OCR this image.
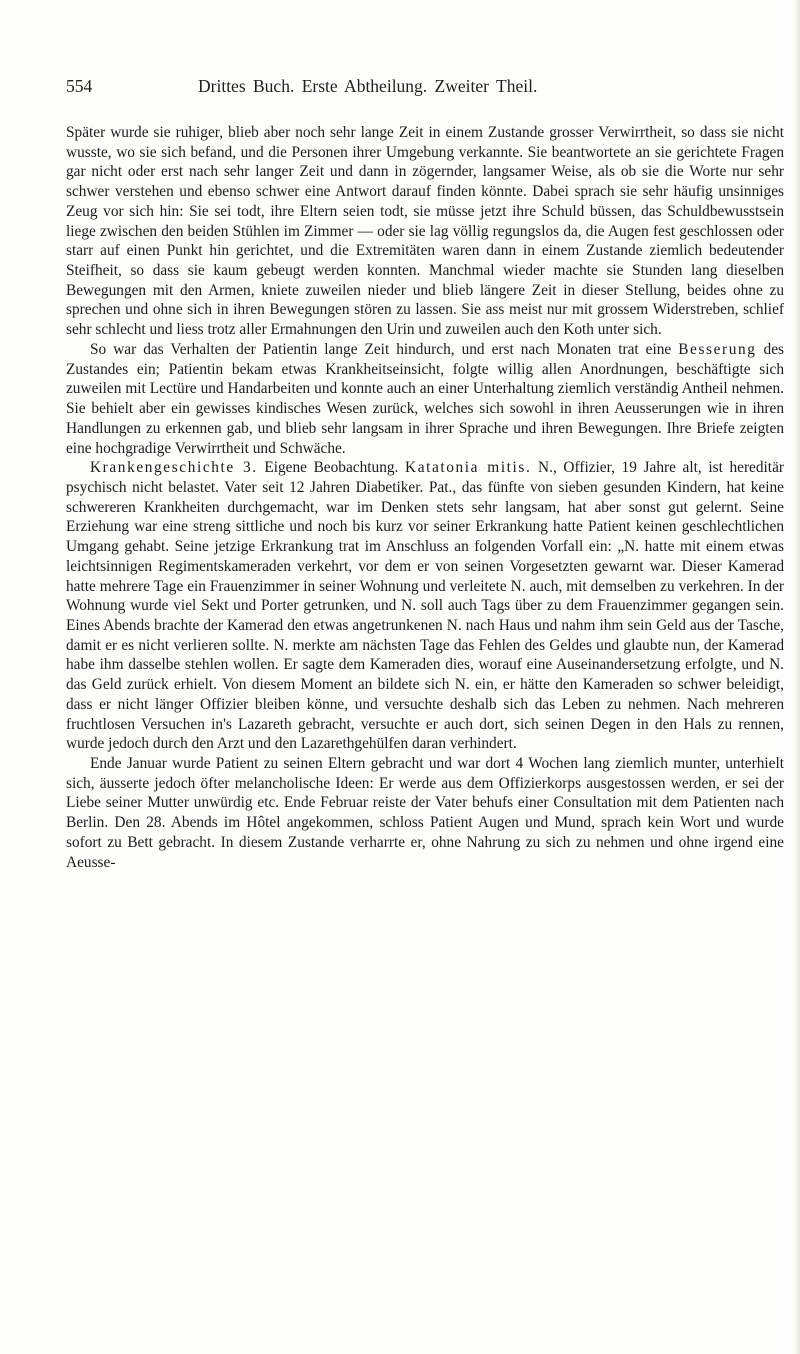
554	Drittes Buch. Erste Abtheilung. Zweiter Theil.

Später wurde sie ruhiger, blieb aber noch sehr lange Zeit in einem Zustande grosser Verwirrtheit, so dass sie nicht wusste, wo sie sich befand, und die Personen ihrer Umgebung verkannte. Sie beantwortete an sie gerichtete Fragen gar nicht oder erst nach sehr langer Zeit und dann in zögernder, langsamer Weise, als ob sie die Worte nur sehr schwer verstehen und ebenso schwer eine Antwort darauf finden könnte. Dabei sprach sie sehr häufig unsinniges Zeug vor sich hin: Sie sei todt, ihre Eltern seien todt, sie müsse jetzt ihre Schuld büssen, das Schuldbewusstsein liege zwischen den beiden Stühlen im Zimmer — oder sie lag völlig regungslos da, die Augen fest geschlossen oder starr auf einen Punkt hin gerichtet, und die Extremitäten waren dann in einem Zustande ziemlich bedeutender Steifheit, so dass sie kaum gebeugt werden konnten. Manchmal wieder machte sie Stunden lang dieselben Bewegungen mit den Armen, kniete zuweilen nieder und blieb längere Zeit in dieser Stellung, beides ohne zu sprechen und ohne sich in ihren Bewegungen stören zu lassen. Sie ass meist nur mit grossem Widerstreben, schlief sehr schlecht und liess trotz aller Ermahnungen den Urin und zuweilen auch den Koth unter sich.

So war das Verhalten der Patientin lange Zeit hindurch, und erst nach Monaten trat eine Besserung des Zustandes ein; Patientin bekam etwas Krankheitseinsicht, folgte willig allen Anordnungen, beschäftigte sich zuweilen mit Lectüre und Handarbeiten und konnte auch an einer Unterhaltung ziemlich verständig Antheil nehmen. Sie behielt aber ein gewisses kindisches Wesen zurück, welches sich sowohl in ihren Aeusserungen wie in ihren Handlungen zu erkennen gab, und blieb sehr langsam in ihrer Sprache und ihren Bewegungen. Ihre Briefe zeigten eine hochgradige Verwirrtheit und Schwäche.

Krankengeschichte 3. Eigene Beobachtung. Katatonia mitis. N., Offizier, 19 Jahre alt, ist hereditär psychisch nicht belastet. Vater seit 12 Jahren Diabetiker. Pat., das fünfte von sieben gesunden Kindern, hat keine schwereren Krankheiten durchgemacht, war im Denken stets sehr langsam, hat aber sonst gut gelernt. Seine Erziehung war eine streng sittliche und noch bis kurz vor seiner Erkrankung hatte Patient keinen geschlechtlichen Umgang gehabt. Seine jetzige Erkrankung trat im Anschluss an folgenden Vorfall ein: „N. hatte mit einem etwas leichtsinnigen Regimentskameraden verkehrt, vor dem er von seinen Vorgesetzten gewarnt war. Dieser Kamerad hatte mehrere Tage ein Frauenzimmer in seiner Wohnung und verleitete N. auch, mit demselben zu verkehren. In der Wohnung wurde viel Sekt und Porter getrunken, und N. soll auch Tags über zu dem Frauenzimmer gegangen sein. Eines Abends brachte der Kamerad den etwas angetrunkenen N. nach Haus und nahm ihm sein Geld aus der Tasche, damit er es nicht verlieren sollte. N. merkte am nächsten Tage das Fehlen des Geldes und glaubte nun, der Kamerad habe ihm dasselbe stehlen wollen. Er sagte dem Kameraden dies, worauf eine Auseinandersetzung erfolgte, und N. das Geld zurück erhielt. Von diesem Moment an bildete sich N. ein, er hätte den Kameraden so schwer beleidigt, dass er nicht länger Offizier bleiben könne, und versuchte deshalb sich das Leben zu nehmen. Nach mehreren fruchtlosen Versuchen in's Lazareth gebracht, versuchte er auch dort, sich seinen Degen in den Hals zu rennen, wurde jedoch durch den Arzt und den Lazarethgehülfen daran verhindert.

Ende Januar wurde Patient zu seinen Eltern gebracht und war dort 4 Wochen lang ziemlich munter, unterhielt sich, äusserte jedoch öfter melancholische Ideen: Er werde aus dem Offizierkorps ausgestossen werden, er sei der Liebe seiner Mutter unwürdig etc. Ende Februar reiste der Vater behufs einer Consultation mit dem Patienten nach Berlin. Den 28. Abends im Hôtel angekommen, schloss Patient Augen und Mund, sprach kein Wort und wurde sofort zu Bett gebracht. In diesem Zustande verharrte er, ohne Nahrung zu sich zu nehmen und ohne irgend eine Aeusse-
